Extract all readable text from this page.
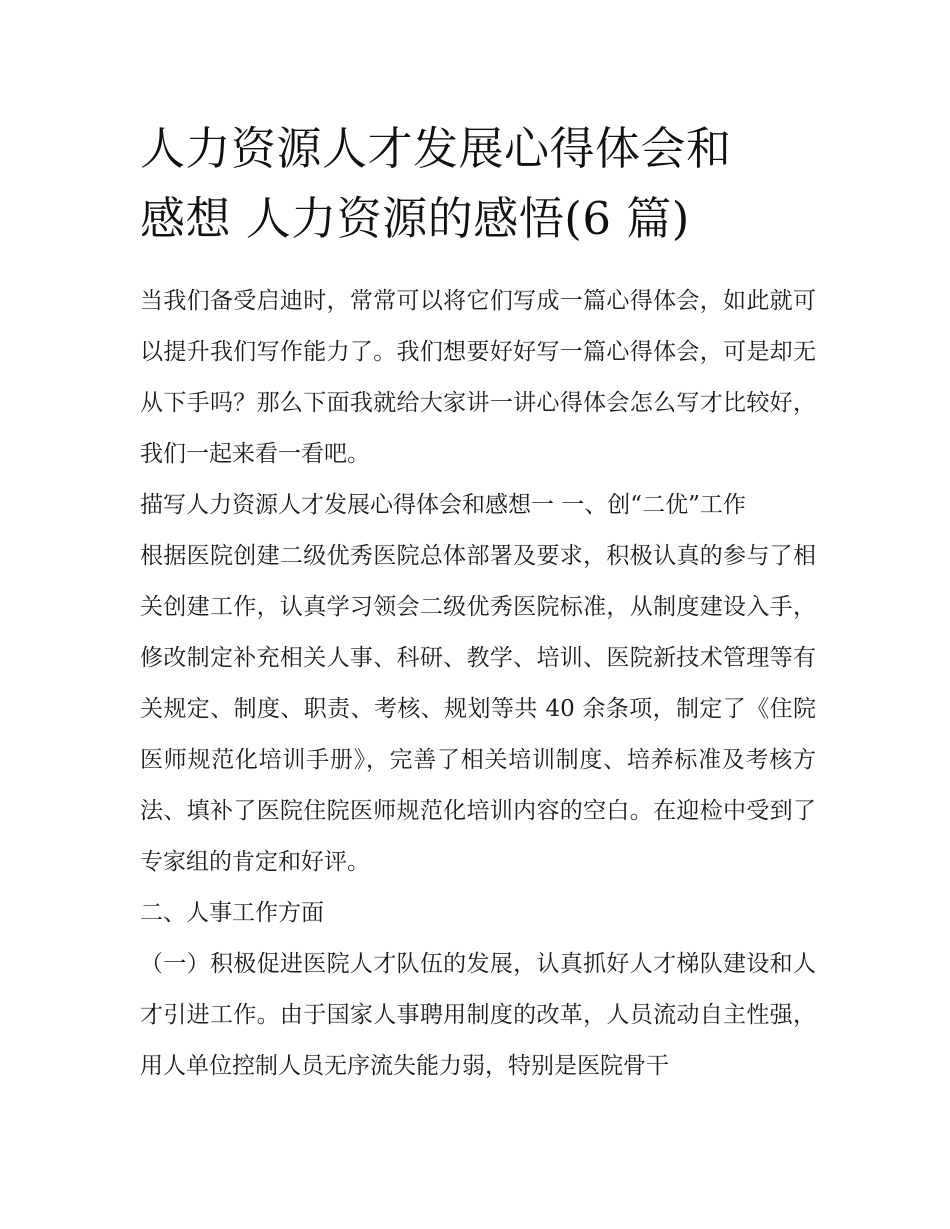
人力资源人才发展心得体会和
感想 人力资源的感悟(6 篇)

当我们备受启迪时，常常可以将它们写成一篇心得体会，如此就可以提升我们写作能力了。我们想要好好写一篇心得体会，可是却无从下手吗？那么下面我就给大家讲一讲心得体会怎么写才比较好，我们一起来看一看吧。

描写人力资源人才发展心得体会和感想一 一、创“二优”工作

根据医院创建二级优秀医院总体部署及要求，积极认真的参与了相关创建工作，认真学习领会二级优秀医院标准，从制度建设入手，修改制定补充相关人事、科研、教学、培训、医院新技术管理等有关规定、制度、职责、考核、规划等共 40 余条项，制定了《住院医师规范化培训手册》，完善了相关培训制度、培养标准及考核方法、填补了医院住院医师规范化培训内容的空白。在迎检中受到了专家组的肯定和好评。

二、人事工作方面

（一）积极促进医院人才队伍的发展，认真抓好人才梯队建设和人才引进工作。由于国家人事聘用制度的改革，人员流动自主性强，用人单位控制人员无序流失能力弱，特别是医院骨干
